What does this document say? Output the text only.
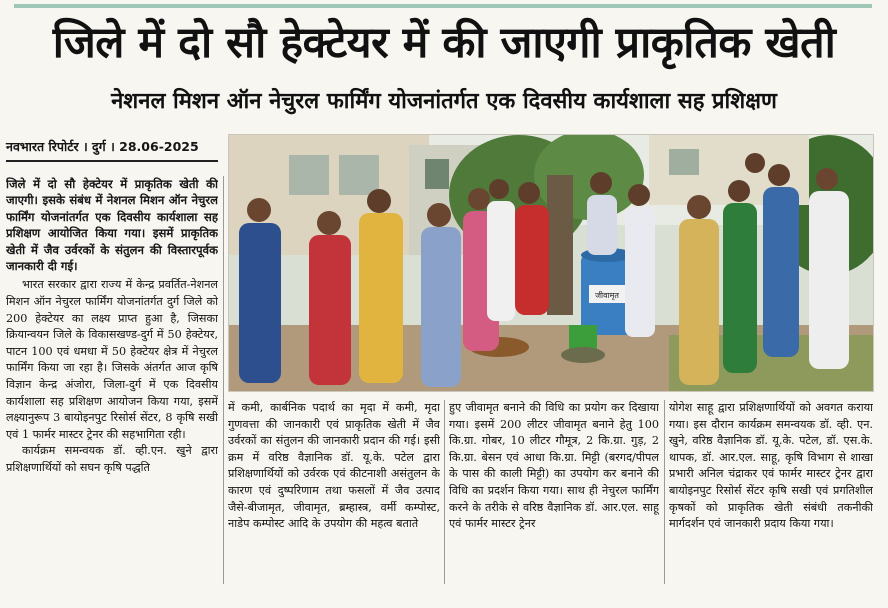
जिले में दो सौ हेक्टेयर में की जाएगी प्राकृतिक खेती
नेशनल मिशन ऑन नेचुरल फार्मिंग योजनांतर्गत एक दिवसीय कार्यशाला सह प्रशिक्षण
नवभारत रिपोर्टर । दुर्ग । 28.06-2025

जिले में दो सौ हेक्टेयर में प्राकृतिक खेती की जाएगी। इसके संबंध में नेशनल मिशन ऑन नेचुरल फार्मिंग योजनांतर्गत एक दिवसीय कार्यशाला सह प्रशिक्षण आयोजित किया गया। इसमें प्राकृतिक खेती में जैव उर्वरकों के संतुलन की विस्तारपूर्वक जानकारी दी गई।

भारत सरकार द्वारा राज्य में केन्द्र प्रवर्तित-नेशनल मिशन ऑन नेचुरल फार्मिंग योजनांतर्गत दुर्ग जिले को 200 हेक्टेयर का लक्ष्य प्राप्त हुआ है, जिसका क्रियान्वयन जिले के विकासखण्ड-दुर्ग में 50 हेक्टेयर, पाटन 100 एवं धमधा में 50 हेक्टेयर क्षेत्र में नेचुरल फार्मिंग किया जा रहा है। जिसके अंतर्गत आज कृषि विज्ञान केन्द्र अंजोरा, जिला-दुर्ग में एक दिवसीय कार्यशाला सह प्रशिक्षण आयोजन किया गया, इसमें लक्ष्यानुरूप 3 बायोइनपुट रिसोर्स सेंटर, 8 कृषि सखी एवं 1 फार्मर मास्टर ट्रेनर की सहभागिता रही।

कार्यक्रम समन्वयक डॉ. व्ही.एन. खुने द्वारा प्रशिक्षणार्थियों को सघन कृषि पद्धति

जीवामृत

में कमी, कार्बनिक पदार्थ का मृदा में कमी, मृदा गुणवत्ता की जानकारी एवं प्राकृतिक खेती में जैव उर्वरकों का संतुलन की जानकारी प्रदान की गई। इसी क्रम में वरिष्ठ वैज्ञानिक डॉ. यू.के. पटेल द्वारा प्रशिक्षणार्थियों को उर्वरक एवं कीटनाशी असंतुलन के कारण एवं दुष्परिणाम तथा फसलों में जैव उत्पाद जैसे-बीजामृत, जीवामृत, ब्रम्हास्त्र, वर्मी कम्पोस्ट, नाडेप कम्पोस्ट आदि के उपयोग की महत्व बताते

हुए जीवामृत बनाने की विधि का प्रयोग कर दिखाया गया। इसमें 200 लीटर जीवामृत बनाने हेतु 100 कि.ग्रा. गोबर, 10 लीटर गौमूत्र, 2 कि.ग्रा. गुड़, 2 कि.ग्रा. बेसन एवं आधा कि.ग्रा. मिट्टी (बरगद/पीपल के पास की काली मिट्टी) का उपयोग कर बनाने की विधि का प्रदर्शन किया गया। साथ ही नेचुरल फार्मिंग करने के तरीके से वरिष्ठ वैज्ञानिक डॉ. आर.एल. साहू एवं फार्मर मास्टर ट्रेनर

योगेश साहू द्वारा प्रशिक्षणार्थियों को अवगत कराया गया। इस दौरान कार्यक्रम समन्वयक डॉ. व्ही. एन. खुने, वरिष्ठ वैज्ञानिक डॉ. यू.के. पटेल, डॉ. एस.के. थापक, डॉ. आर.एल. साहू, कृषि विभाग से शाखा प्रभारी अनिल चंद्राकर एवं फार्मर मास्टर ट्रेनर द्वारा बायोइनपुट रिसोर्स सेंटर कृषि सखी एवं प्रगतिशील कृषकों को प्राकृतिक खेती संबंधी तकनीकी मार्गदर्शन एवं जानकारी प्रदाय किया गया।
